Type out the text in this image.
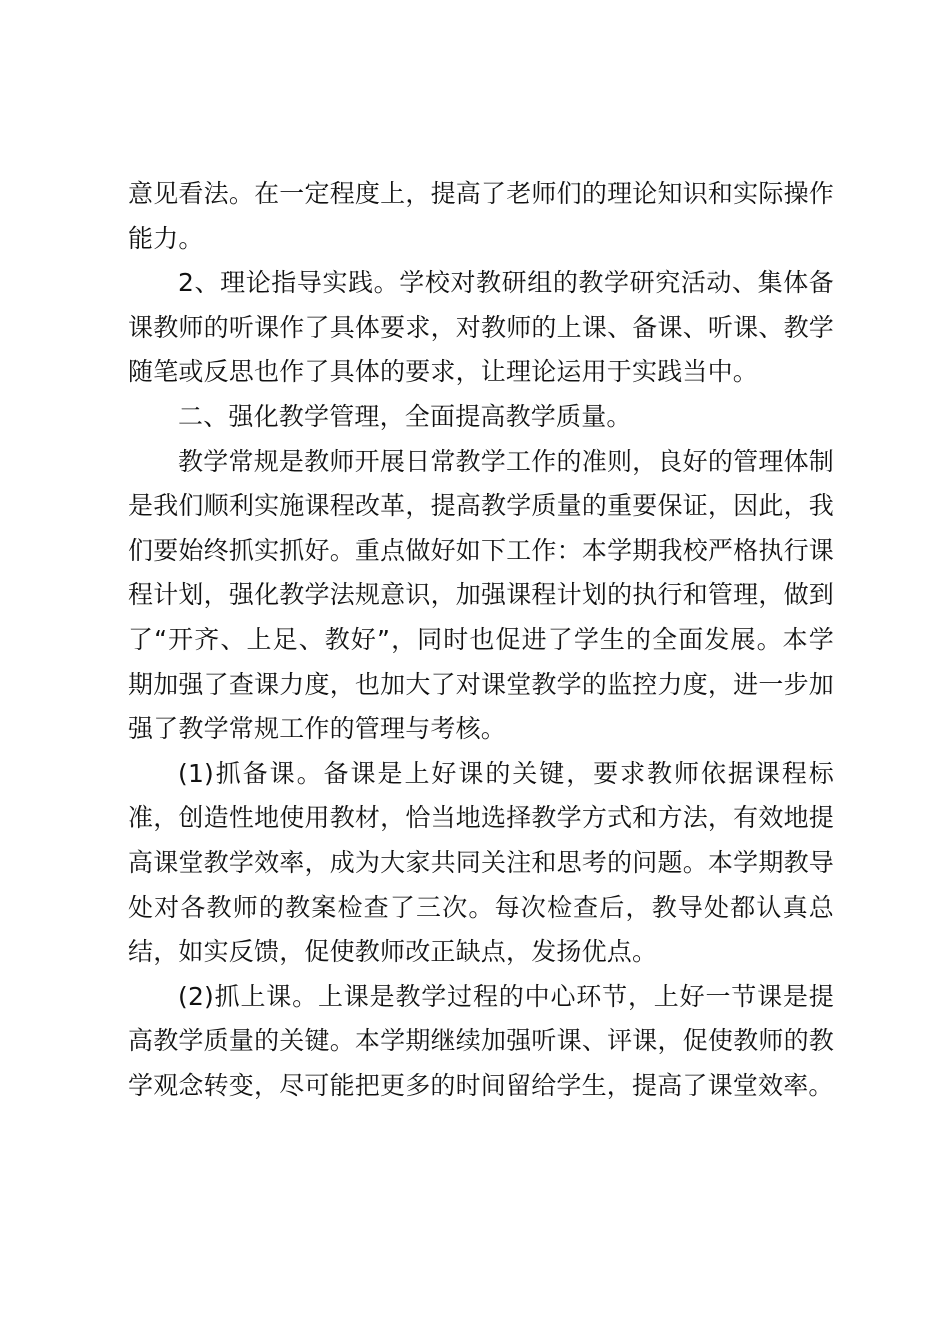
意见看法。在一定程度上，提高了老师们的理论知识和实际操作能力。

2、理论指导实践。学校对教研组的教学研究活动、集体备课教师的听课作了具体要求，对教师的上课、备课、听课、教学随笔或反思也作了具体的要求，让理论运用于实践当中。

二、强化教学管理，全面提高教学质量。

教学常规是教师开展日常教学工作的准则，良好的管理体制是我们顺利实施课程改革，提高教学质量的重要保证，因此，我们要始终抓实抓好。重点做好如下工作：本学期我校严格执行课程计划，强化教学法规意识，加强课程计划的执行和管理，做到了“开齐、上足、教好”，同时也促进了学生的全面发展。本学期加强了查课力度，也加大了对课堂教学的监控力度，进一步加强了教学常规工作的管理与考核。

(1)抓备课。备课是上好课的关键，要求教师依据课程标准，创造性地使用教材，恰当地选择教学方式和方法，有效地提高课堂教学效率，成为大家共同关注和思考的问题。本学期教导处对各教师的教案检查了三次。每次检查后，教导处都认真总结，如实反馈，促使教师改正缺点，发扬优点。

(2)抓上课。上课是教学过程的中心环节，上好一节课是提高教学质量的关键。本学期继续加强听课、评课，促使教师的教学观念转变，尽可能把更多的时间留给学生，提高了课堂效率。
